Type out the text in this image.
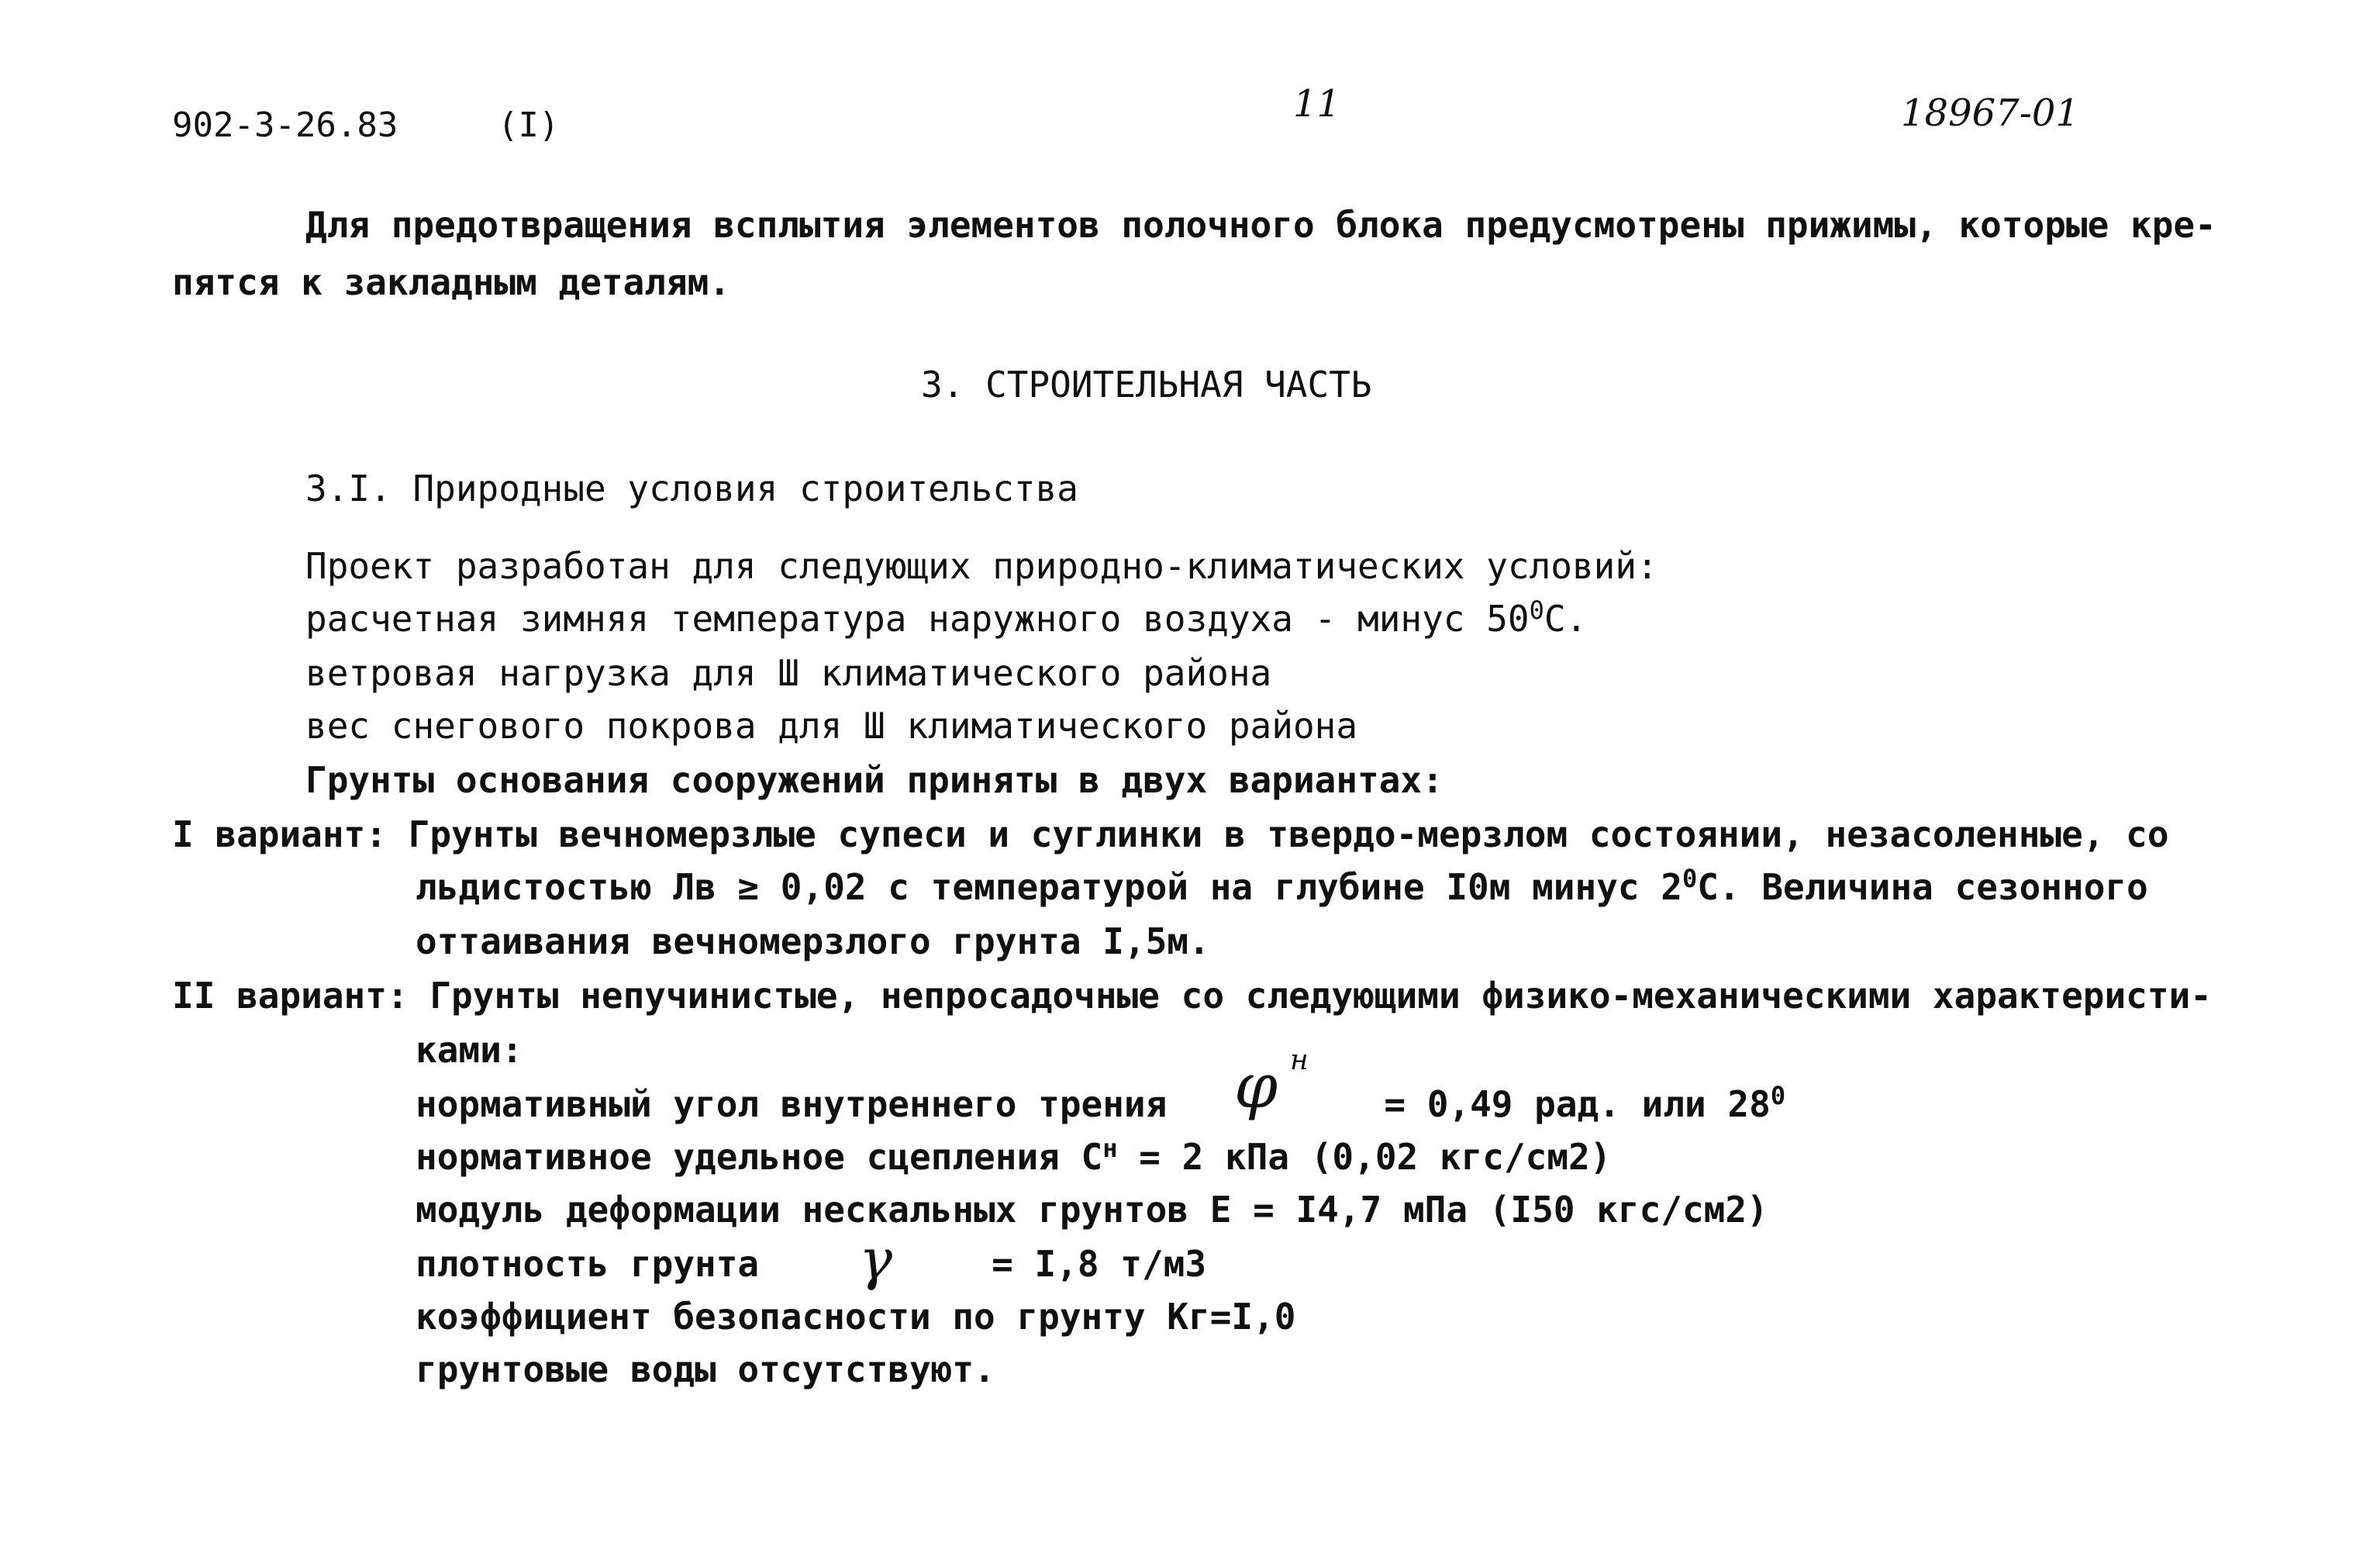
902-3-26.83	(I)	11	18967-01
Для предотвращения всплытия элементов полочного блока предусмотрены прижимы, которые кре-
пятся к закладным деталям.
3. СТРОИТЕЛЬНАЯ ЧАСТЬ
3.I. Природные условия строительства
Проект разработан для следующих природно-климатических условий:
расчетная зимняя температура наружного воздуха - минус $50^0С$.
ветровая нагрузка для Ш климатического района
вес снегового покрова для Ш климатического района
Грунты основания сооружений приняты в двух вариантах:
I вариант: Грунты вечномерзлые супеси и суглинки в твердо-мерзлом состоянии, незасоленные, со
льдистостью Лв ≥ 0,02 с температурой на глубине I0м минус $2^0С$. Величина сезонного
оттаивания вечномерзлого грунта I,5м.
II вариант: Грунты непучинистые, непросадочные со следующими физико-механическими характеристи-
ками:
нормативный угол внутреннего трения	= 0,49 рад. или $28^0$
φ н
нормативное удельное сцепления $С^н = 2$ кПа (0,02 кгс/см2)
модуль деформации нескальных грунтов Е = I4,7 мПа (I50 кгс/см2)
плотность грунта	= I,8 т/м3
γ
коэффициент безопасности по грунту Кг=I,0
грунтовые воды отсутствуют.
